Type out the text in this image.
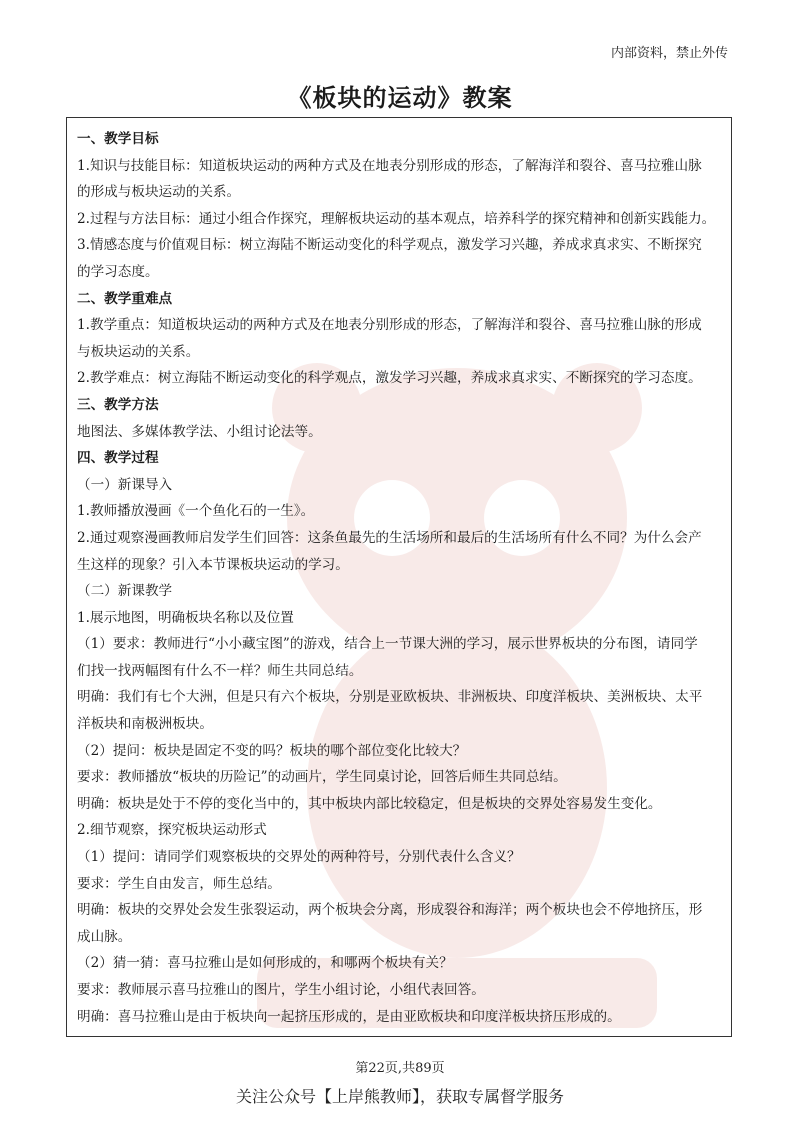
内部资料，禁止外传
《板块的运动》教案

一、教学目标

1.知识与技能目标：知道板块运动的两种方式及在地表分别形成的形态，了解海洋和裂谷、喜马拉雅山脉

的形成与板块运动的关系。

2.过程与方法目标：通过小组合作探究，理解板块运动的基本观点，培养科学的探究精神和创新实践能力。

3.情感态度与价值观目标：树立海陆不断运动变化的科学观点，激发学习兴趣，养成求真求实、不断探究

的学习态度。

二、教学重难点

1.教学重点：知道板块运动的两种方式及在地表分别形成的形态，了解海洋和裂谷、喜马拉雅山脉的形成

与板块运动的关系。

2.教学难点：树立海陆不断运动变化的科学观点，激发学习兴趣，养成求真求实、不断探究的学习态度。

三、教学方法

地图法、多媒体教学法、小组讨论法等。

四、教学过程

（一）新课导入

1.教师播放漫画《一个鱼化石的一生》。

2.通过观察漫画教师启发学生们回答：这条鱼最先的生活场所和最后的生活场所有什么不同？为什么会产

生这样的现象？引入本节课板块运动的学习。

（二）新课教学

1.展示地图，明确板块名称以及位置

（1）要求：教师进行“小小藏宝图”的游戏，结合上一节课大洲的学习，展示世界板块的分布图，请同学

们找一找两幅图有什么不一样？师生共同总结。

明确：我们有七个大洲，但是只有六个板块，分别是亚欧板块、非洲板块、印度洋板块、美洲板块、太平

洋板块和南极洲板块。

（2）提问：板块是固定不变的吗？板块的哪个部位变化比较大？

要求：教师播放“板块的历险记”的动画片，学生同桌讨论，回答后师生共同总结。

明确：板块是处于不停的变化当中的，其中板块内部比较稳定，但是板块的交界处容易发生变化。

2.细节观察，探究板块运动形式

（1）提问：请同学们观察板块的交界处的两种符号，分别代表什么含义？

要求：学生自由发言，师生总结。

明确：板块的交界处会发生张裂运动，两个板块会分离，形成裂谷和海洋；两个板块也会不停地挤压，形

成山脉。

（2）猜一猜：喜马拉雅山是如何形成的，和哪两个板块有关？

要求：教师展示喜马拉雅山的图片，学生小组讨论，小组代表回答。

明确：喜马拉雅山是由于板块向一起挤压形成的，是由亚欧板块和印度洋板块挤压形成的。

第22页,共89页
关注公众号【上岸熊教师】，获取专属督学服务
